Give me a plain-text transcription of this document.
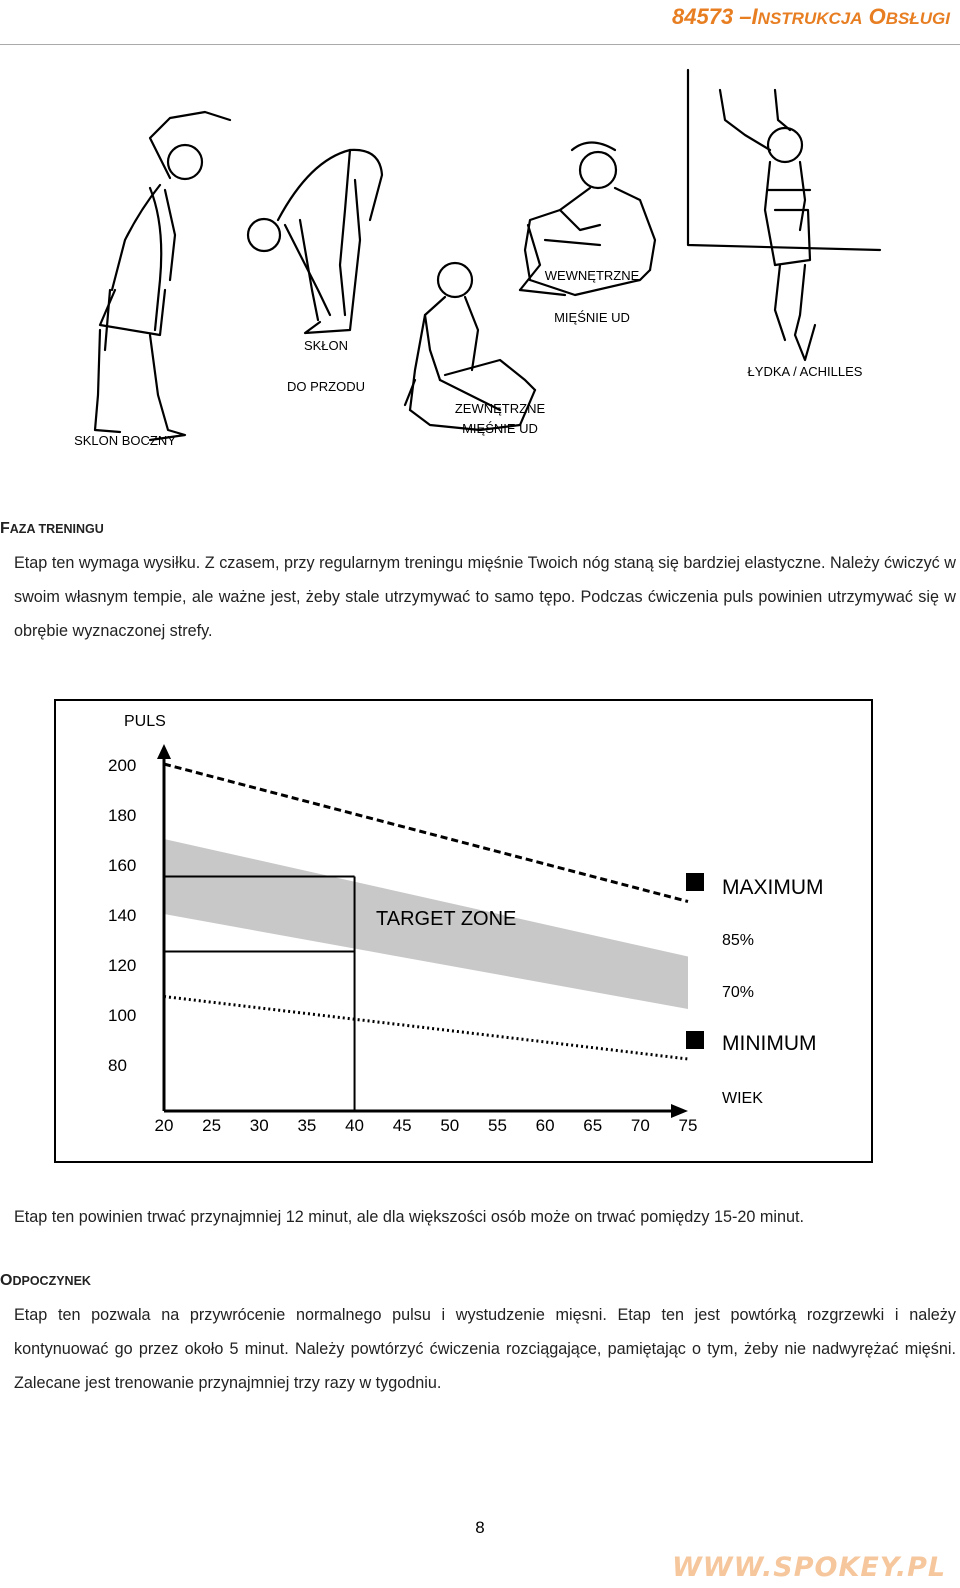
84573 –INSTRUKCJA OBSŁUGI
SKLON BOCZNY
SKŁON
DO PRZODU
ZEWNĘTRZNE MIĘŚNIE UD
WEWNĘTRZNE
MIĘŚNIE UD
ŁYDKA / ACHILLES
FAZA TRENINGU
Etap ten wymaga wysiłku. Z czasem, przy regularnym treningu mięśnie Twoich nóg staną się bardziej elastyczne. Należy ćwiczyć w swoim własnym tempie, ale ważne jest, żeby stale utrzymywać to samo tępo. Podczas ćwiczenia puls powinien utrzymywać się w obrębie wyznaczonej strefy.
200
180
160
140
120
100
80
20 25 30 35 40 45 50 55 60 65 70 75
PULS
WIEK
TARGET ZONE
MAXIMUM
85%
70%
MINIMUM
Etap ten powinien trwać przynajmniej 12 minut, ale dla większości osób może on trwać pomiędzy 15-20 minut.
ODPOCZYNEK
Etap ten pozwala na przywrócenie normalnego pulsu i wystudzenie mięsni. Etap ten jest powtórką rozgrzewki i należy kontynuować go przez około 5 minut. Należy powtórzyć ćwiczenia rozciągające, pamiętając o tym, żeby nie nadwyrężać mięśni. Zalecane jest trenowanie przynajmniej trzy razy w tygodniu.
8
WWW.SPOKEY.PL
